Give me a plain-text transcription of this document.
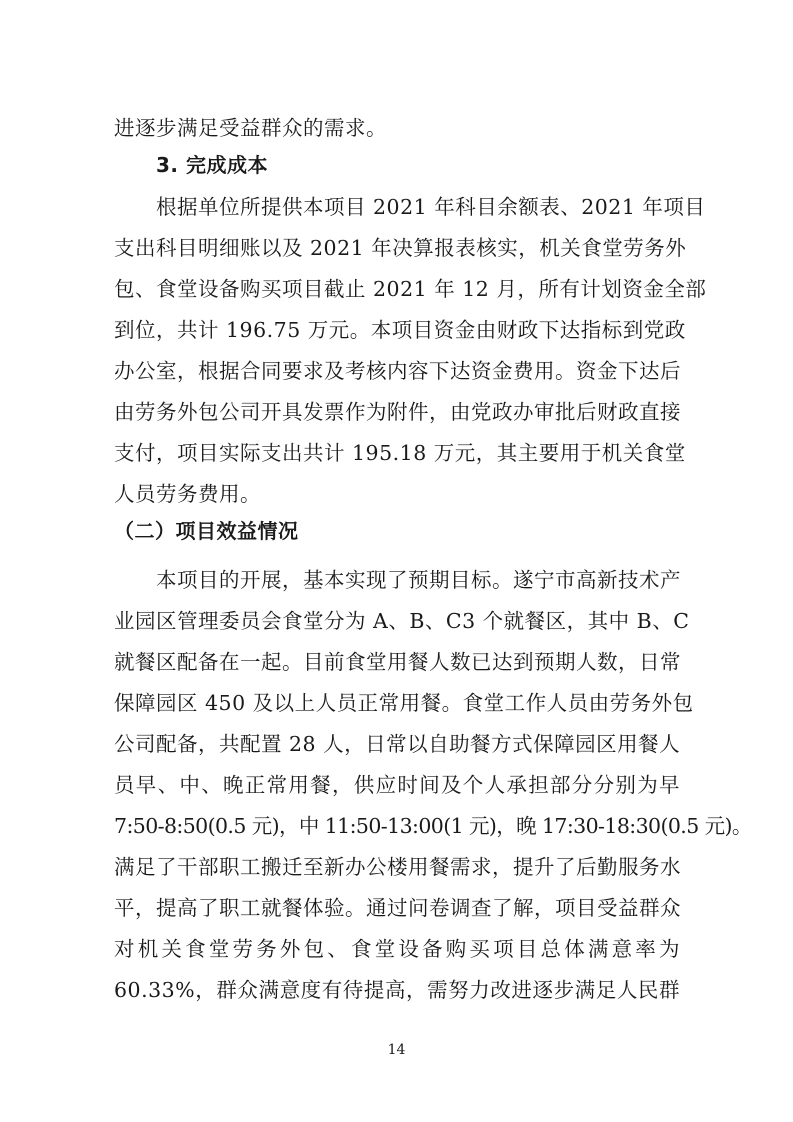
进逐步满足受益群众的需求。
3. 完成成本
根据单位所提供本项目 2021 年科目余额表、2021 年项目
支出科目明细账以及 2021 年决算报表核实，机关食堂劳务外
包、食堂设备购买项目截止 2021 年 12 月，所有计划资金全部
到位，共计 196.75 万元。本项目资金由财政下达指标到党政
办公室，根据合同要求及考核内容下达资金费用。资金下达后
由劳务外包公司开具发票作为附件，由党政办审批后财政直接
支付，项目实际支出共计 195.18 万元，其主要用于机关食堂
人员劳务费用。
（二）项目效益情况
本项目的开展，基本实现了预期目标。遂宁市高新技术产
业园区管理委员会食堂分为 A、B、C3 个就餐区，其中 B、C
就餐区配备在一起。目前食堂用餐人数已达到预期人数，日常
保障园区 450 及以上人员正常用餐。食堂工作人员由劳务外包
公司配备，共配置 28 人，日常以自助餐方式保障园区用餐人
员早、中、晚正常用餐，供应时间及个人承担部分分别为早
7:50-8:50(0.5 元)，中 11:50-13:00(1 元)，晚 17:30-18:30(0.5 元)。
满足了干部职工搬迁至新办公楼用餐需求，提升了后勤服务水
平，提高了职工就餐体验。通过问卷调查了解，项目受益群众
对机关食堂劳务外包、食堂设备购买项目总体满意率为
60.33%，群众满意度有待提高，需努力改进逐步满足人民群
14
